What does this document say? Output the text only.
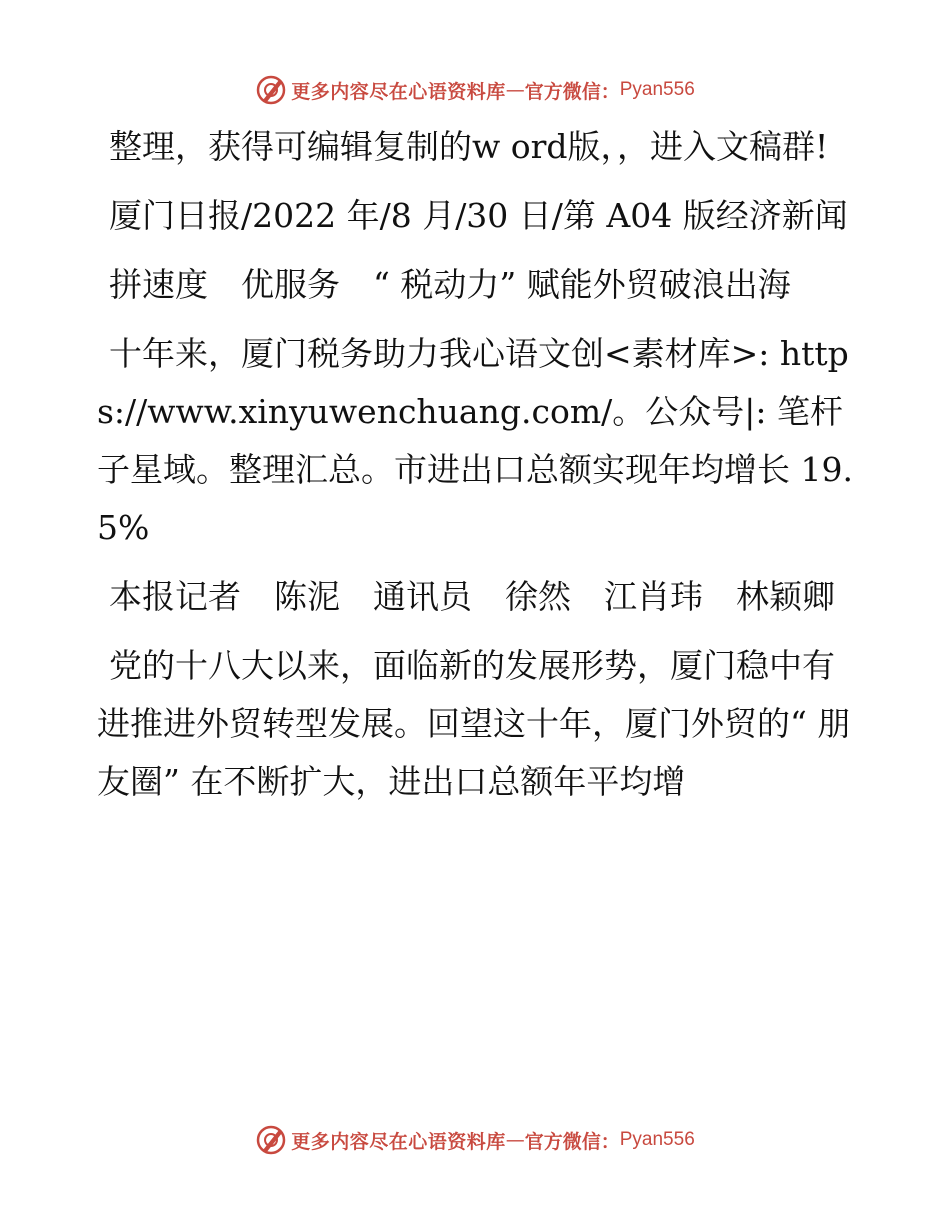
更多内容尽在心语资料库 — 官方微信： Pyan556

整理，获得可编辑复制的w ord版，，进入文稿群!

厦门日报/2022 年/8 月/30 日/第 A04 版经济新闻

拼速度　优服务　“ 税动力” 赋能外贸破浪出海

十年来，厦门税务助力我心语文创<素材库>: https://www.xinyuwenchuang.com/。公众号|: 笔杆子星域。整理汇总。市进出口总额实现年均增长 19.5%

本报记者　陈泥　通讯员　徐然　江肖玮　林颖卿

党的十八大以来，面临新的发展形势，厦门稳中有进推进外贸转型发展。回望这十年，厦门外贸的“ 朋友圈” 在不断扩大，进出口总额年平均增

更多内容尽在心语资料库 — 官方微信： Pyan556
